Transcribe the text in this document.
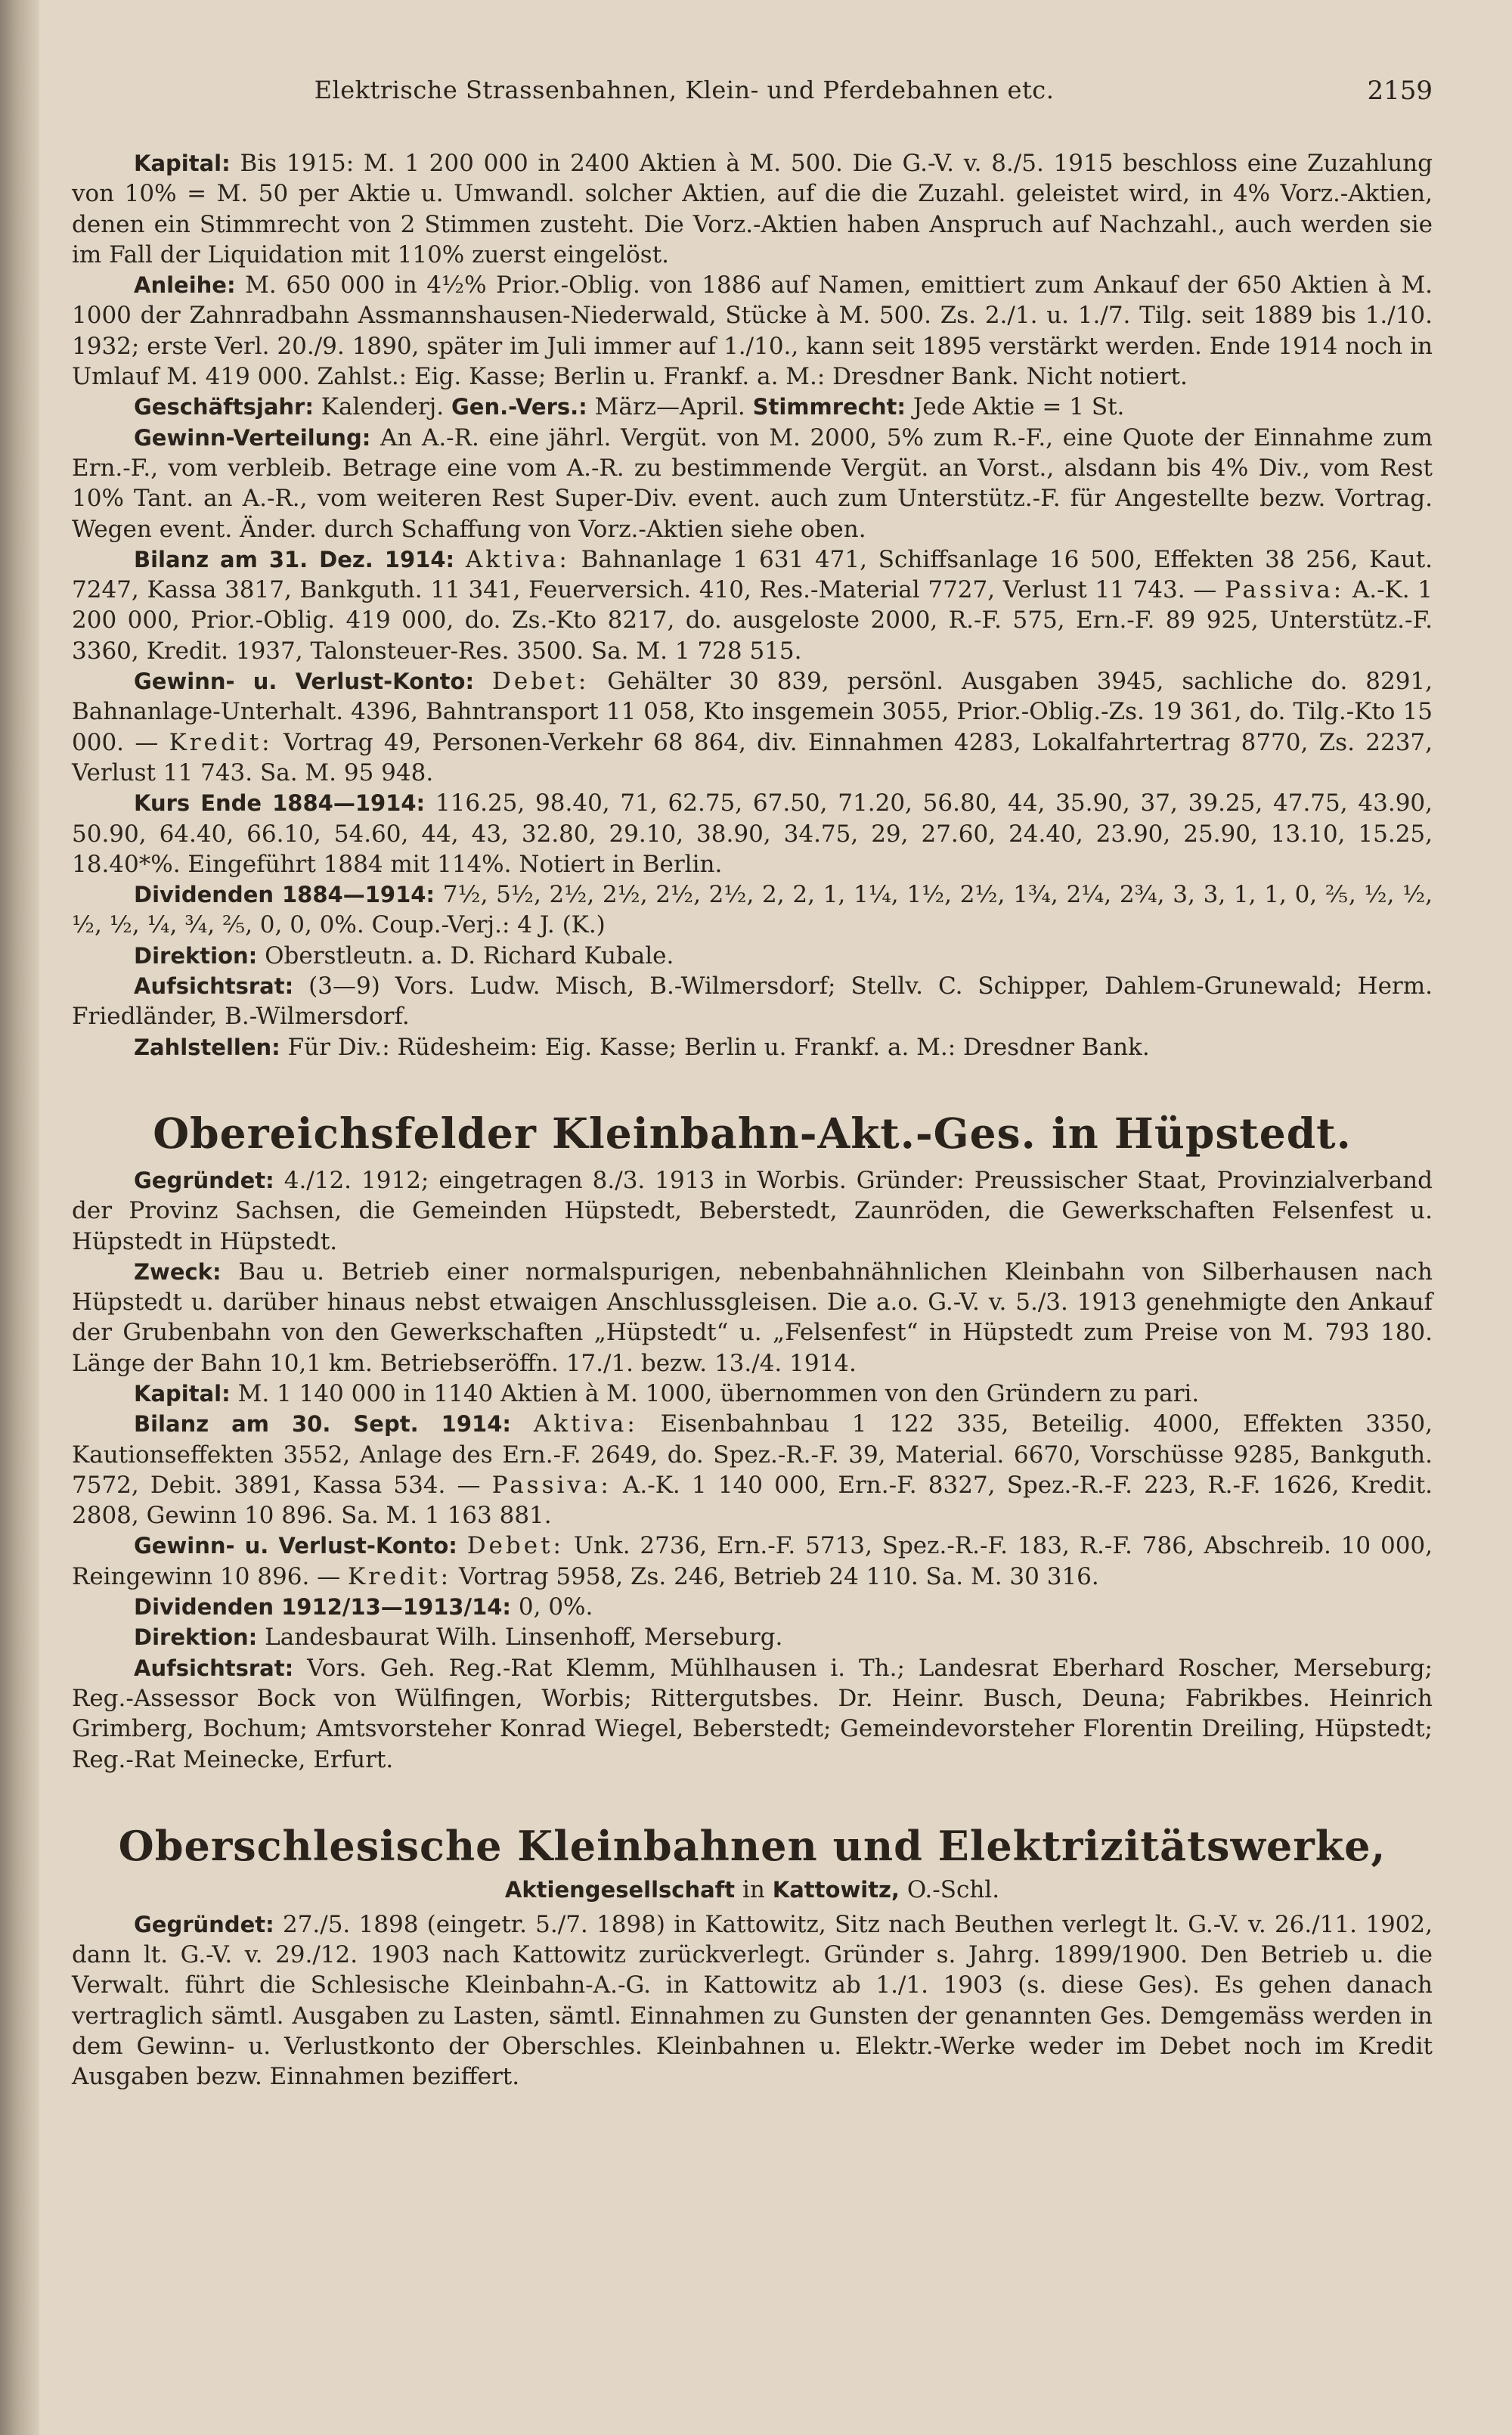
Elektrische Strassenbahnen, Klein- und Pferdebahnen etc.	2159

Kapital: Bis 1915: M. 1 200 000 in 2400 Aktien à M. 500. Die G.-V. v. 8./5. 1915 beschloss eine Zuzahlung von 10% = M. 50 per Aktie u. Umwandl. solcher Aktien, auf die die Zuzahl. geleistet wird, in 4% Vorz.-Aktien, denen ein Stimmrecht von 2 Stimmen zusteht. Die Vorz.-Aktien haben Anspruch auf Nachzahl., auch werden sie im Fall der Liquidation mit 110% zuerst eingelöst.

Anleihe: M. 650 000 in 4½% Prior.-Oblig. von 1886 auf Namen, emittiert zum Ankauf der 650 Aktien à M. 1000 der Zahnradbahn Assmannshausen-Niederwald, Stücke à M. 500. Zs. 2./1. u. 1./7. Tilg. seit 1889 bis 1./10. 1932; erste Verl. 20./9. 1890, später im Juli immer auf 1./10., kann seit 1895 verstärkt werden. Ende 1914 noch in Umlauf M. 419 000. Zahlst.: Eig. Kasse; Berlin u. Frankf. a. M.: Dresdner Bank. Nicht notiert.

Geschäftsjahr: Kalenderj. Gen.-Vers.: März—April. Stimmrecht: Jede Aktie = 1 St.

Gewinn-Verteilung: An A.-R. eine jährl. Vergüt. von M. 2000, 5% zum R.-F., eine Quote der Einnahme zum Ern.-F., vom verbleib. Betrage eine vom A.-R. zu bestimmende Vergüt. an Vorst., alsdann bis 4% Div., vom Rest 10% Tant. an A.-R., vom weiteren Rest Super-Div. event. auch zum Unterstütz.-F. für Angestellte bezw. Vortrag. Wegen event. Änder. durch Schaffung von Vorz.-Aktien siehe oben.

Bilanz am 31. Dez. 1914: Aktiva: Bahnanlage 1 631 471, Schiffsanlage 16 500, Effekten 38 256, Kaut. 7247, Kassa 3817, Bankguth. 11 341, Feuerversich. 410, Res.-Material 7727, Verlust 11 743. — Passiva: A.-K. 1 200 000, Prior.-Oblig. 419 000, do. Zs.-Kto 8217, do. ausgeloste 2000, R.-F. 575, Ern.-F. 89 925, Unterstütz.-F. 3360, Kredit. 1937, Talonsteuer-Res. 3500. Sa. M. 1 728 515.

Gewinn- u. Verlust-Konto: Debet: Gehälter 30 839, persönl. Ausgaben 3945, sachliche do. 8291, Bahnanlage-Unterhalt. 4396, Bahntransport 11 058, Kto insgemein 3055, Prior.-Oblig.-Zs. 19 361, do. Tilg.-Kto 15 000. — Kredit: Vortrag 49, Personen-Verkehr 68 864, div. Einnahmen 4283, Lokalfahrtertrag 8770, Zs. 2237, Verlust 11 743. Sa. M. 95 948.

Kurs Ende 1884—1914: 116.25, 98.40, 71, 62.75, 67.50, 71.20, 56.80, 44, 35.90, 37, 39.25, 47.75, 43.90, 50.90, 64.40, 66.10, 54.60, 44, 43, 32.80, 29.10, 38.90, 34.75, 29, 27.60, 24.40, 23.90, 25.90, 13.10, 15.25, 18.40*%. Eingeführt 1884 mit 114%. Notiert in Berlin.

Dividenden 1884—1914: 7½, 5½, 2½, 2½, 2½, 2½, 2, 2, 1, 1¼, 1½, 2½, 1¾, 2¼, 2¾, 3, 3, 1, 1, 0, ⅖, ½, ½, ½, ½, ¼, ¾, ⅖, 0, 0, 0%. Coup.-Verj.: 4 J. (K.)

Direktion: Oberstleutn. a. D. Richard Kubale.

Aufsichtsrat: (3—9) Vors. Ludw. Misch, B.-Wilmersdorf; Stellv. C. Schipper, Dahlem-Grunewald; Herm. Friedländer, B.-Wilmersdorf.

Zahlstellen: Für Div.: Rüdesheim: Eig. Kasse; Berlin u. Frankf. a. M.: Dresdner Bank.

Obereichsfelder Kleinbahn-Akt.-Ges. in Hüpstedt.

Gegründet: 4./12. 1912; eingetragen 8./3. 1913 in Worbis. Gründer: Preussischer Staat, Provinzialverband der Provinz Sachsen, die Gemeinden Hüpstedt, Beberstedt, Zaunröden, die Gewerkschaften Felsenfest u. Hüpstedt in Hüpstedt.

Zweck: Bau u. Betrieb einer normalspurigen, nebenbahnähnlichen Kleinbahn von Silberhausen nach Hüpstedt u. darüber hinaus nebst etwaigen Anschlussgleisen. Die a.o. G.-V. v. 5./3. 1913 genehmigte den Ankauf der Grubenbahn von den Gewerkschaften „Hüpstedt“ u. „Felsenfest“ in Hüpstedt zum Preise von M. 793 180. Länge der Bahn 10,1 km. Betriebseröffn. 17./1. bezw. 13./4. 1914.

Kapital: M. 1 140 000 in 1140 Aktien à M. 1000, übernommen von den Gründern zu pari.

Bilanz am 30. Sept. 1914: Aktiva: Eisenbahnbau 1 122 335, Beteilig. 4000, Effekten 3350, Kautionseffekten 3552, Anlage des Ern.-F. 2649, do. Spez.-R.-F. 39, Material. 6670, Vorschüsse 9285, Bankguth. 7572, Debit. 3891, Kassa 534. — Passiva: A.-K. 1 140 000, Ern.-F. 8327, Spez.-R.-F. 223, R.-F. 1626, Kredit. 2808, Gewinn 10 896. Sa. M. 1 163 881.

Gewinn- u. Verlust-Konto: Debet: Unk. 2736, Ern.-F. 5713, Spez.-R.-F. 183, R.-F. 786, Abschreib. 10 000, Reingewinn 10 896. — Kredit: Vortrag 5958, Zs. 246, Betrieb 24 110. Sa. M. 30 316.

Dividenden 1912/13—1913/14: 0, 0%.

Direktion: Landesbaurat Wilh. Linsenhoff, Merseburg.

Aufsichtsrat: Vors. Geh. Reg.-Rat Klemm, Mühlhausen i. Th.; Landesrat Eberhard Roscher, Merseburg; Reg.-Assessor Bock von Wülfingen, Worbis; Rittergutsbes. Dr. Heinr. Busch, Deuna; Fabrikbes. Heinrich Grimberg, Bochum; Amtsvorsteher Konrad Wiegel, Beberstedt; Gemeindevorsteher Florentin Dreiling, Hüpstedt; Reg.-Rat Meinecke, Erfurt.

Oberschlesische Kleinbahnen und Elektrizitätswerke,
Aktiengesellschaft in Kattowitz, O.-Schl.

Gegründet: 27./5. 1898 (eingetr. 5./7. 1898) in Kattowitz, Sitz nach Beuthen verlegt lt. G.-V. v. 26./11. 1902, dann lt. G.-V. v. 29./12. 1903 nach Kattowitz zurückverlegt. Gründer s. Jahrg. 1899/1900. Den Betrieb u. die Verwalt. führt die Schlesische Kleinbahn-A.-G. in Kattowitz ab 1./1. 1903 (s. diese Ges). Es gehen danach vertraglich sämtl. Ausgaben zu Lasten, sämtl. Einnahmen zu Gunsten der genannten Ges. Demgemäss werden in dem Gewinn- u. Verlustkonto der Oberschles. Kleinbahnen u. Elektr.-Werke weder im Debet noch im Kredit Ausgaben bezw. Einnahmen beziffert.
